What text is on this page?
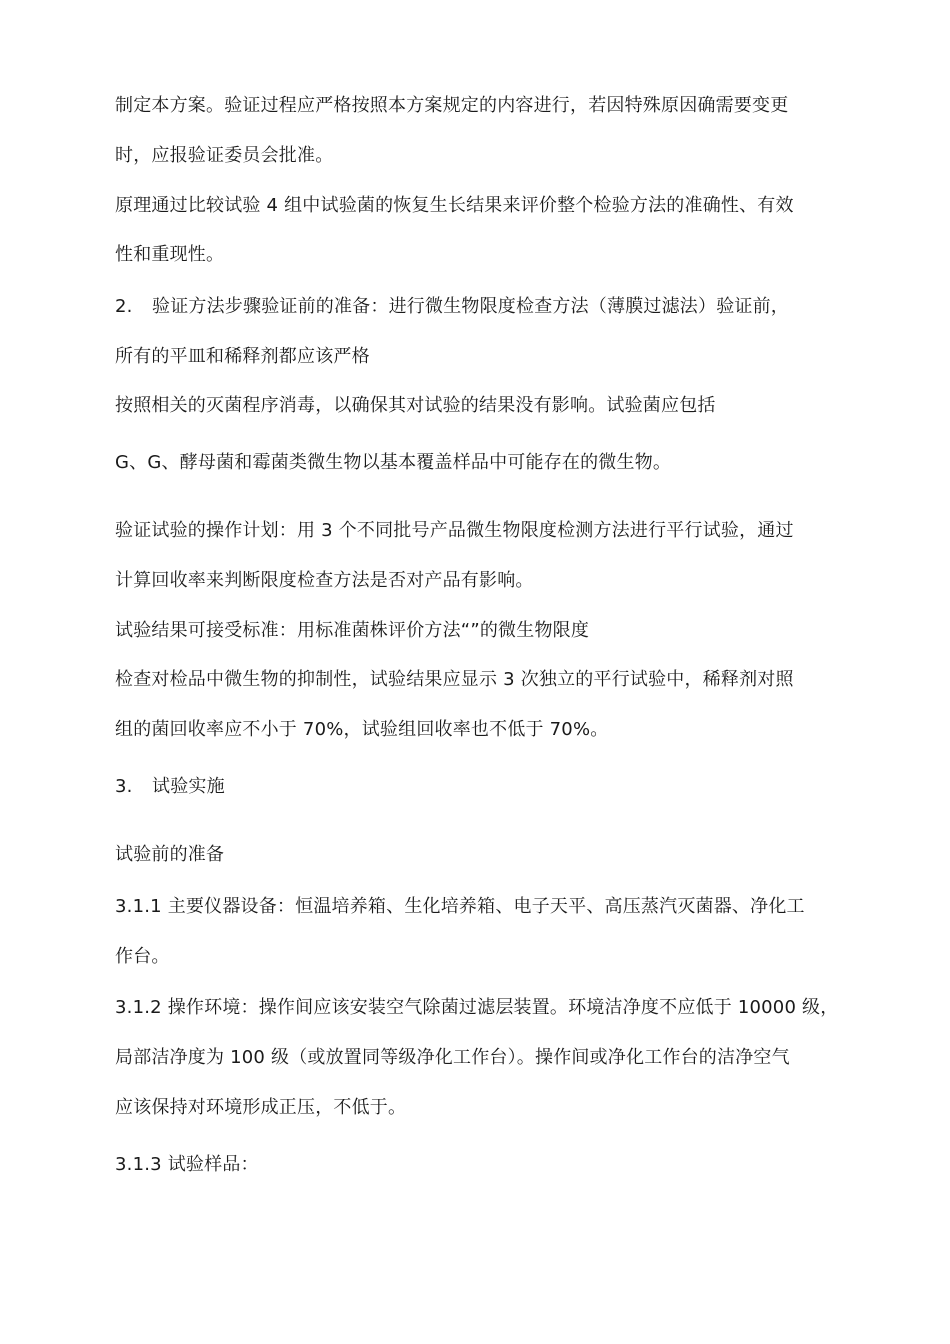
制定本方案。验证过程应严格按照本方案规定的内容进行，若因特殊原因确需要变更
时，应报验证委员会批准。
原理通过比较试验 4 组中试验菌的恢复生长结果来评价整个检验方法的准确性、有效
性和重现性。
2. 验证方法步骤验证前的准备：进行微生物限度检查方法（薄膜过滤法）验证前，
所有的平皿和稀释剂都应该严格
按照相关的灭菌程序消毒，以确保其对试验的结果没有影响。试验菌应包括
G、G、酵母菌和霉菌类微生物以基本覆盖样品中可能存在的微生物。
验证试验的操作计划：用 3 个不同批号产品微生物限度检测方法进行平行试验，通过
计算回收率来判断限度检查方法是否对产品有影响。
试验结果可接受标准：用标准菌株评价方法“”的微生物限度
检查对检品中微生物的抑制性，试验结果应显示 3 次独立的平行试验中，稀释剂对照
组的菌回收率应不小于 70%，试验组回收率也不低于 70%。
3. 试验实施
试验前的准备
3.1.1 主要仪器设备：恒温培养箱、生化培养箱、电子天平、高压蒸汽灭菌器、净化工
作台。
3.1.2 操作环境：操作间应该安装空气除菌过滤层装置。环境洁净度不应低于 10000 级，
局部洁净度为 100 级（或放置同等级净化工作台）。操作间或净化工作台的洁净空气
应该保持对环境形成正压，不低于。
3.1.3 试验样品：
